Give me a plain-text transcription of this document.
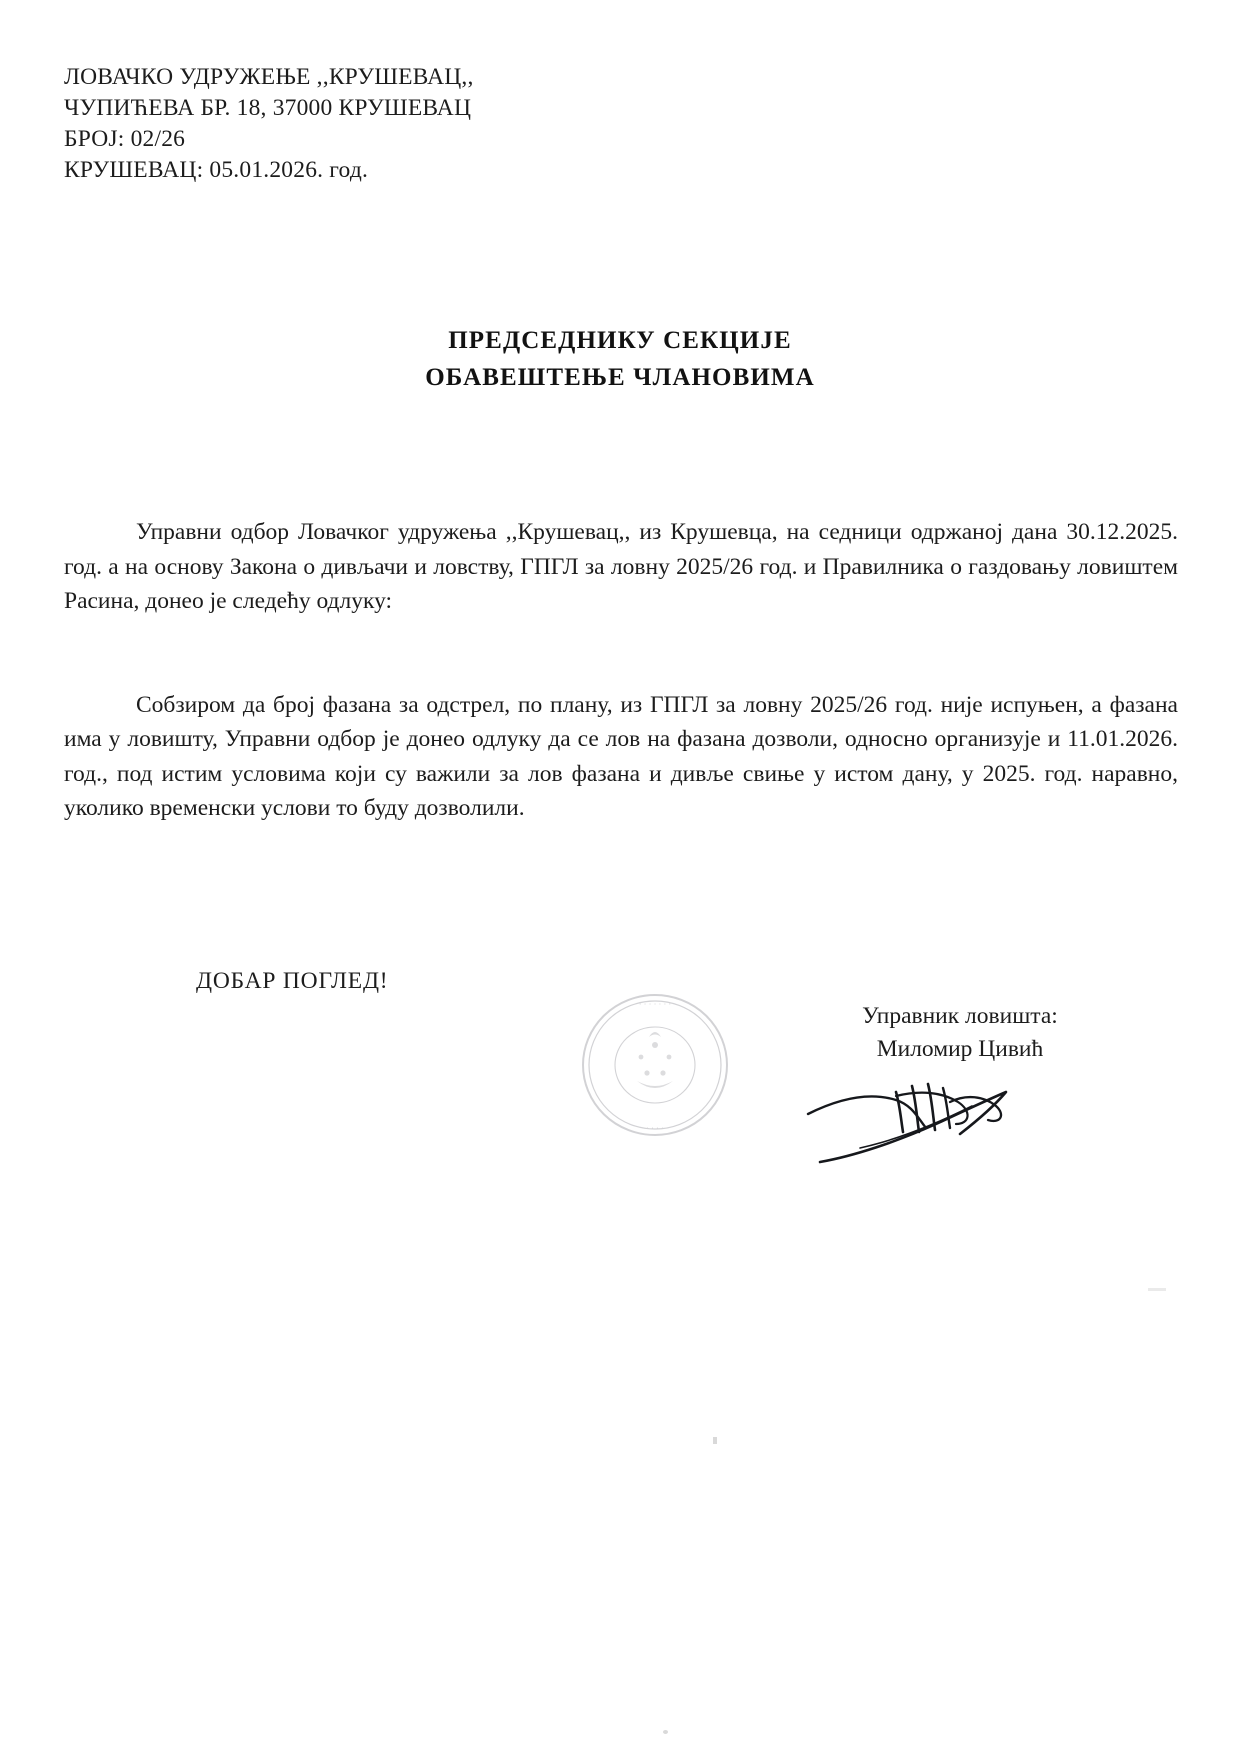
ЛОВАЧКО УДРУЖЕЊЕ ,,КРУШЕВАЦ,,
ЧУПИЋЕВА БР. 18, 37000 КРУШЕВАЦ
БРОЈ: 02/26
КРУШЕВАЦ: 05.01.2026. год.
ПРЕДСЕДНИКУ СЕКЦИЈЕ
ОБАВЕШТЕЊЕ ЧЛАНОВИМА

Управни одбор Ловачког удружења ,,Крушевац,, из Крушевца, на седници одржаној дана 30.12.2025. год. а на основу Закона о дивљачи и ловству, ГПГЛ за ловну 2025/26 год. и Правилника о газдовању ловиштем Расина, донео је следећу одлуку:

Собзиром да број фазана за одстрел, по плану, из ГПГЛ за ловну 2025/26 год. није испуњен, а фазана има у ловишту, Управни одбор је донео одлуку да се лов на фазана дозволи, односно организује и 11.01.2026. год., под истим условима који су важили за лов фазана и дивље свиње у истом дану, у 2025. год. наравно, уколико временски услови то буду дозволили.

ДОБАР ПОГЛЕД!
· · · · · · ·
· · · · · ·
Управник ловишта:
Миломир Цивић
